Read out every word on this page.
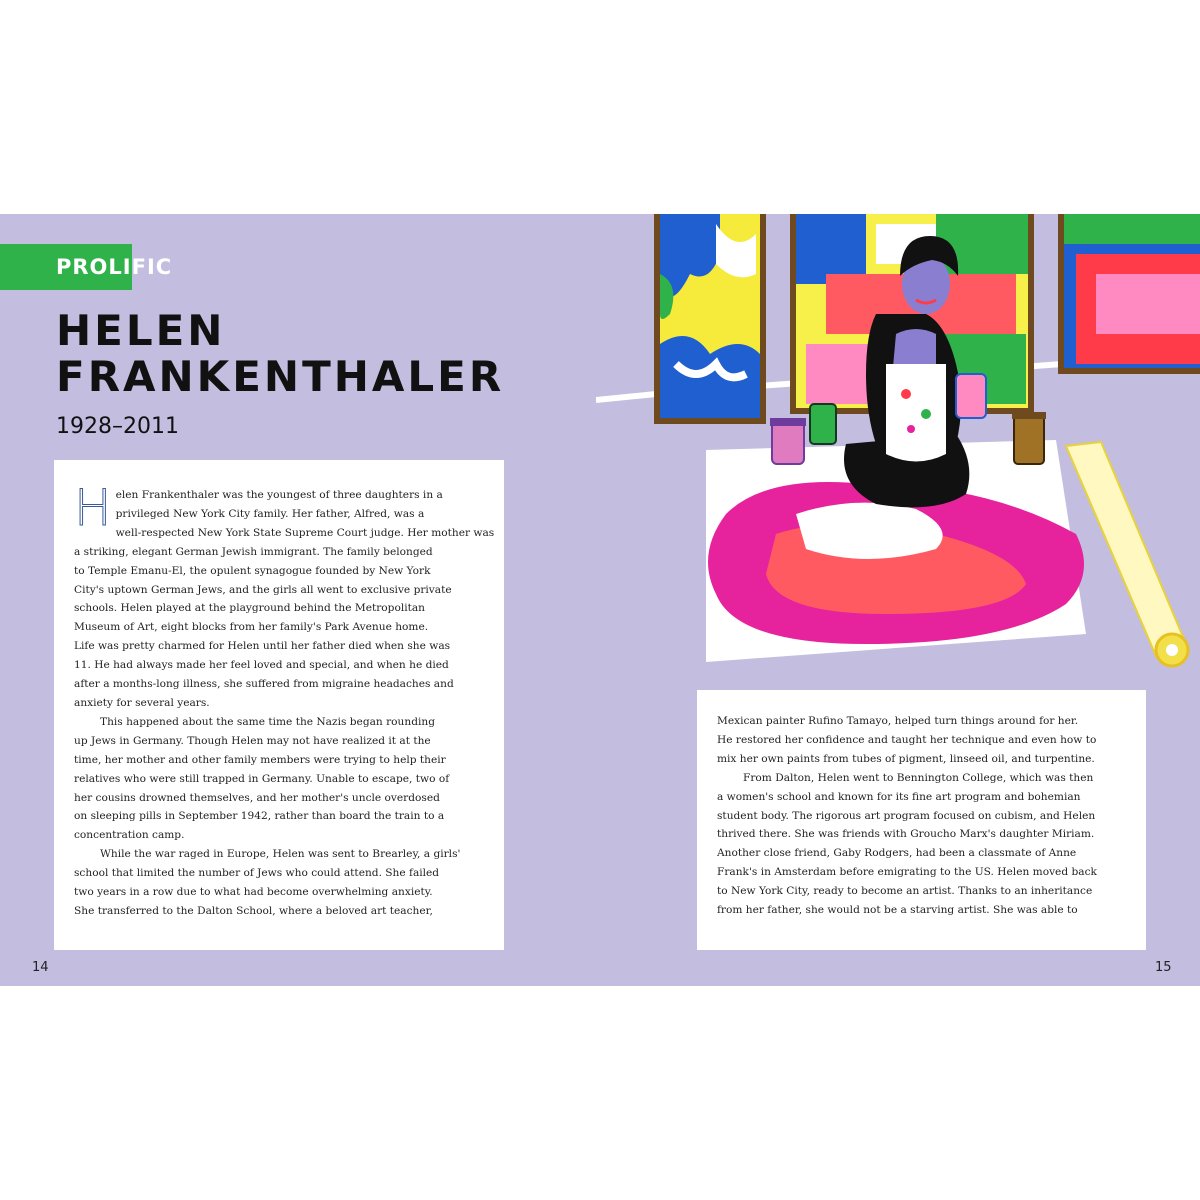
PROLIFIC
HELEN
FRANKENTHALER
1928–2011
H elen Frankenthaler was the youngest of three daughters in a

privileged New York City family. Her father, Alfred, was a

well-respected New York State Supreme Court judge. Her mother was

a striking, elegant German Jewish immigrant. The family belonged

to Temple Emanu-El, the opulent synagogue founded by New York

City's uptown German Jews, and the girls all went to exclusive private

schools. Helen played at the playground behind the Metropolitan

Museum of Art, eight blocks from her family's Park Avenue home.

Life was pretty charmed for Helen until her father died when she was

11. He had always made her feel loved and special, and when he died

after a months-long illness, she suffered from migraine headaches and

anxiety for several years.

This happened about the same time the Nazis began rounding

up Jews in Germany. Though Helen may not have realized it at the

time, her mother and other family members were trying to help their

relatives who were still trapped in Germany. Unable to escape, two of

her cousins drowned themselves, and her mother's uncle overdosed

on sleeping pills in September 1942, rather than board the train to a

concentration camp.

While the war raged in Europe, Helen was sent to Brearley, a girls'

school that limited the number of Jews who could attend. She failed

two years in a row due to what had become overwhelming anxiety.

She transferred to the Dalton School, where a beloved art teacher,

Mexican painter Rufino Tamayo, helped turn things around for her.

He restored her confidence and taught her technique and even how to

mix her own paints from tubes of pigment, linseed oil, and turpentine.

From Dalton, Helen went to Bennington College, which was then

a women's school and known for its fine art program and bohemian

student body. The rigorous art program focused on cubism, and Helen

thrived there. She was friends with Groucho Marx's daughter Miriam.

Another close friend, Gaby Rodgers, had been a classmate of Anne

Frank's in Amsterdam before emigrating to the US. Helen moved back

to New York City, ready to become an artist. Thanks to an inheritance

from her father, she would not be a starving artist. She was able to

14	15
